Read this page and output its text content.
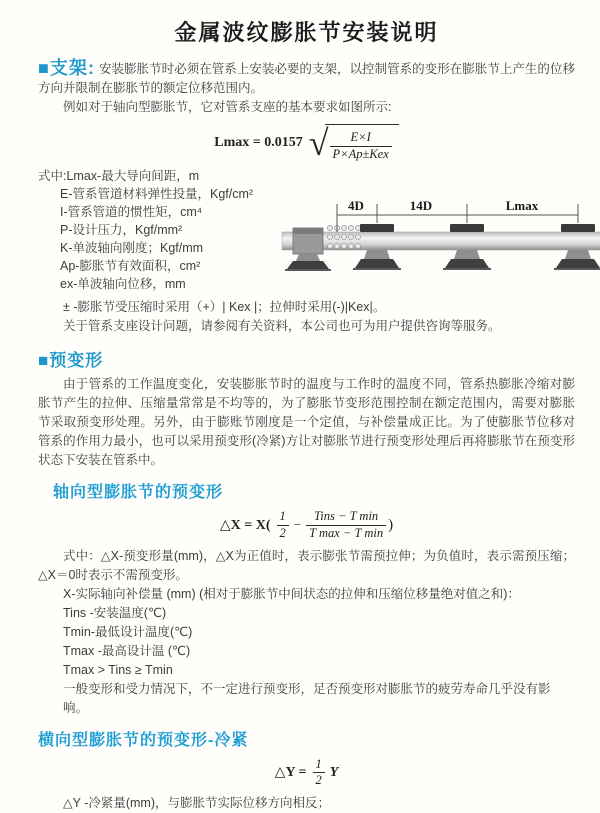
金属波纹膨胀节安装说明

■支架: 安装膨胀节时必须在管系上安装必要的支架，以控制管系的变形在膨胀节上产生的位移方向并限制在膨胀节的额定位移范围内。

例如对于轴向型膨胀节，它对管系支座的基本要求如图所示:

Lmax = 0.0157 √ $\frac{E\times I}{\text{P×Ap±Kex}}$
式中:Lmax-最大导向间距，m
E-管系管道材料弹性投量，Kgf/cm²
I-管系管道的惯性矩，cm⁴
P-设计压力，Kgf/mm²
K-单波轴向刚度；Kgf/mm
Ap-膨胀节有效面积，cm²
ex-单波轴向位移，mm
4D	14D	Lmax
± -膨胀节受压缩时采用（+）| Kex |；拉伸时采用(-)|Kex|。
关于管系支座设计问题，请参阅有关资料，本公司也可为用户提供咨询等服务。
■预变形

由于管系的工作温度变化，安装膨胀节时的温度与工作时的温度不同，管系热膨胀冷缩对膨胀节产生的拉伸、压缩量常常是不均等的，为了膨胀节变形范围控制在额定范围内，需要对膨胀节采取预变形处理。另外，由于膨账节刚度是一个定值，与补偿量成正比。为了使膨胀节位移对管系的作用力最小，也可以采用预变形(冷紧)方让对膨胀节进行预变形处理后再将膨胀节在预变形状态下安装在管系中。

轴向型膨胀节的预变形
△X = $X( \frac{1}{2} - \frac{\text{Tins − T min}}{\text{T max − T min}}$ )

式中：△X-预变形量(mm)，△X为正值时，表示膨张节需预拉伸；为负值时，表示需预压缩；△X＝0时表示不需预变形。

X-实际轴向补偿量 (mm) (相对于膨胀节中间状态的拉伸和压缩位移量绝对值之和)：
Tins -安装温度(℃)
Tmin-最低设计温度(℃)
Tmax -最高设计温 (℃)
Tmax > Tins ≥ Tmin
一般变形和受力情况下，不一定进行预变形，足否预变形对膨胀节的疲劳寿命几乎没有影响。
横向型膨胀节的预变形-冷紧
△Y = $\frac{1}{2}$ Y
△Y -冷紧量(mm)，与膨胀节实际位移方向相反；
